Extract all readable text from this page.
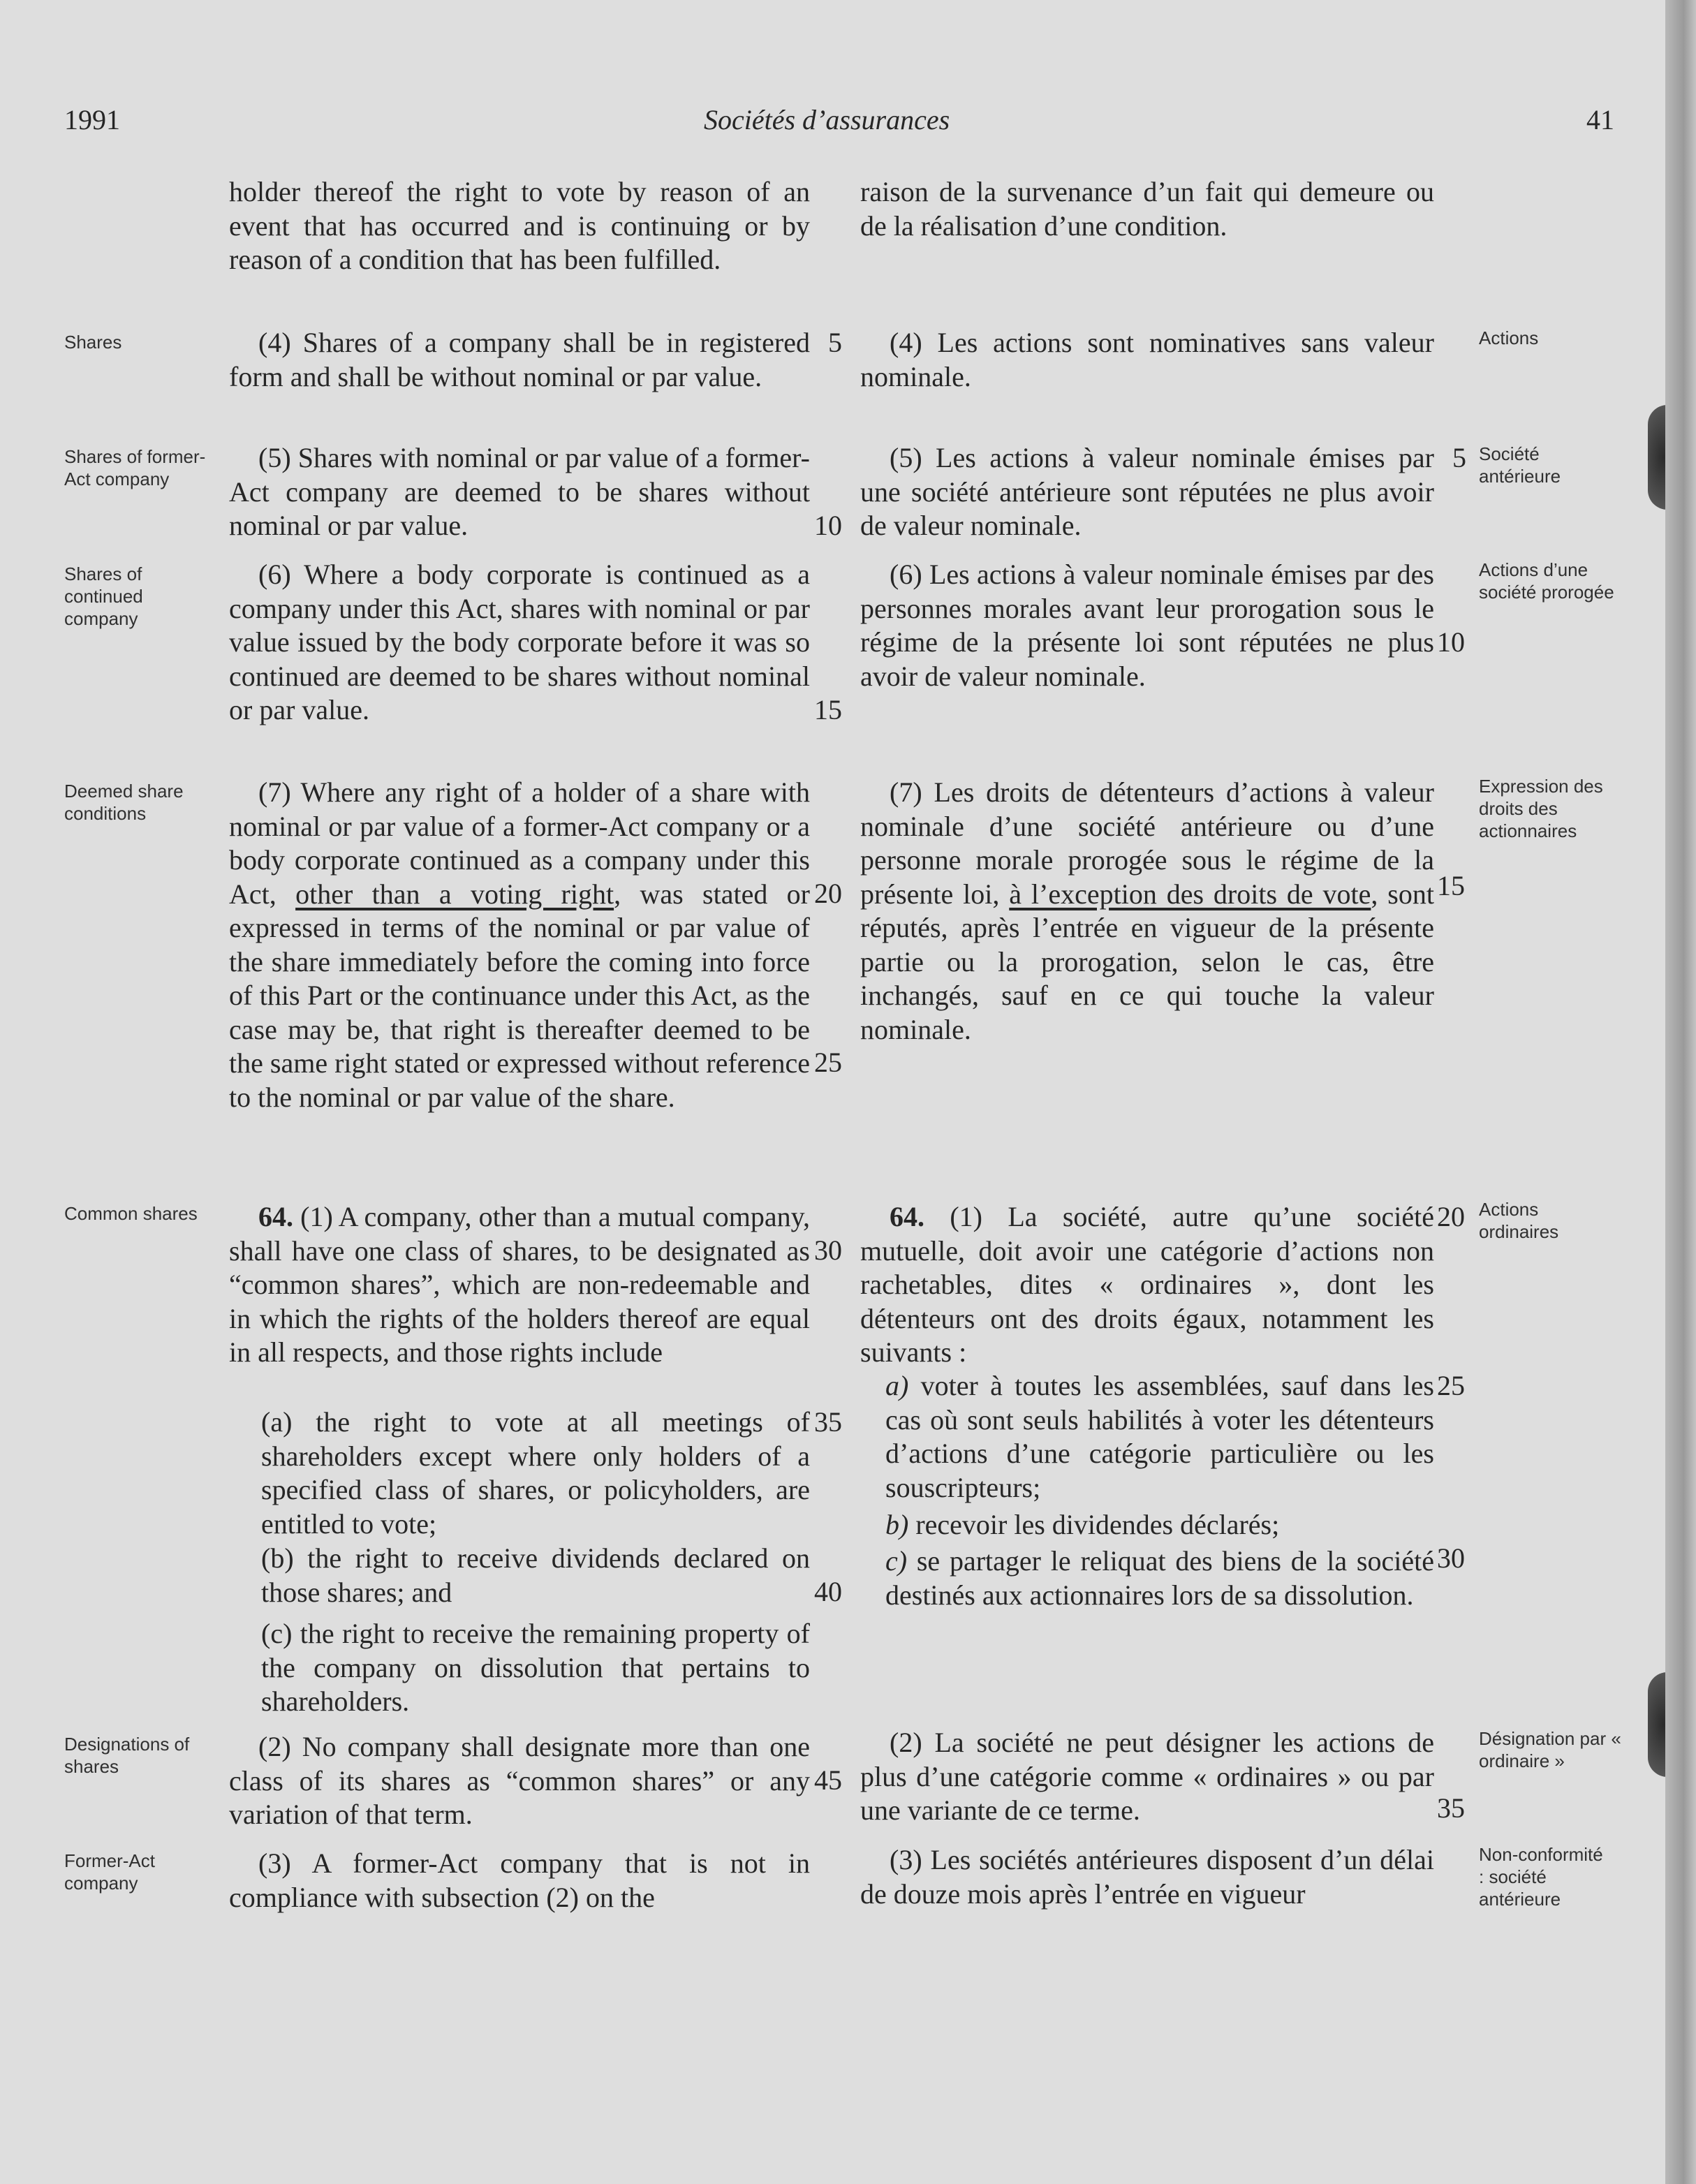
1991	Sociétés d’assurances	41

holder thereof the right to vote by reason of an event that has occurred and is continuing or by reason of a condition that has been fulfilled.

(4) Shares of a company shall be in registered form and shall be without nominal or par value.

(5) Shares with nominal or par value of a former-Act company are deemed to be shares without nominal or par value.

(6) Where a body corporate is continued as a company under this Act, shares with nominal or par value issued by the body corporate before it was so continued are deemed to be shares without nominal or par value.

(7) Where any right of a holder of a share with nominal or par value of a former-Act company or a body corporate continued as a company under this Act, other than a voting right, was stated or expressed in terms of the nominal or par value of the share immediately before the coming into force of this Part or the continuance under this Act, as the case may be, that right is thereafter deemed to be the same right stated or expressed without reference to the nominal or par value of the share.

64. (1) A company, other than a mutual company, shall have one class of shares, to be designated as “common shares”, which are non-redeemable and in which the rights of the holders thereof are equal in all respects, and those rights include

(a) the right to vote at all meetings of shareholders except where only holders of a specified class of shares, or policyholders, are entitled to vote;

(b) the right to receive dividends declared on those shares; and

(c) the right to receive the remaining property of the company on dissolution that pertains to shareholders.

(2) No company shall designate more than one class of its shares as “common shares” or any variation of that term.

(3) A former-Act company that is not in compliance with subsection (2) on the

5
10
15
20
25
30
35
40
45

raison de la survenance d’un fait qui demeure ou de la réalisation d’une condition.

(4) Les actions sont nominatives sans valeur nominale.

(5) Les actions à valeur nominale émises par une société antérieure sont réputées ne plus avoir de valeur nominale.

(6) Les actions à valeur nominale émises par des personnes morales avant leur prorogation sous le régime de la présente loi sont réputées ne plus avoir de valeur nominale.

(7) Les droits de détenteurs d’actions à valeur nominale d’une société antérieure ou d’une personne morale prorogée sous le régime de la présente loi, à l’exception des droits de vote, sont réputés, après l’entrée en vigueur de la présente partie ou la prorogation, selon le cas, être inchangés, sauf en ce qui touche la valeur nominale.

64. (1) La société, autre qu’une société mutuelle, doit avoir une catégorie d’actions non rachetables, dites « ordinaires », dont les détenteurs ont des droits égaux, notamment les suivants :

a) voter à toutes les assemblées, sauf dans les cas où sont seuls habilités à voter les détenteurs d’actions d’une catégorie particulière ou les souscripteurs;

b) recevoir les dividendes déclarés;

c) se partager le reliquat des biens de la société destinés aux actionnaires lors de sa dissolution.

(2) La société ne peut désigner les actions de plus d’une catégorie comme « ordinaires » ou par une variante de ce terme.

(3) Les sociétés antérieures disposent d’un délai de douze mois après l’entrée en vigueur

5
10
15
20
25
30
35
Shares
Shares of former-Act company
Shares of continued company
Deemed share conditions
Common shares
Designations of shares
Former-Act company
Actions
Société antérieure
Actions d’une société prorogée
Expression des droits des actionnaires
Actions ordinaires
Désignation par « ordinaire »
Non-conformité : société antérieure
